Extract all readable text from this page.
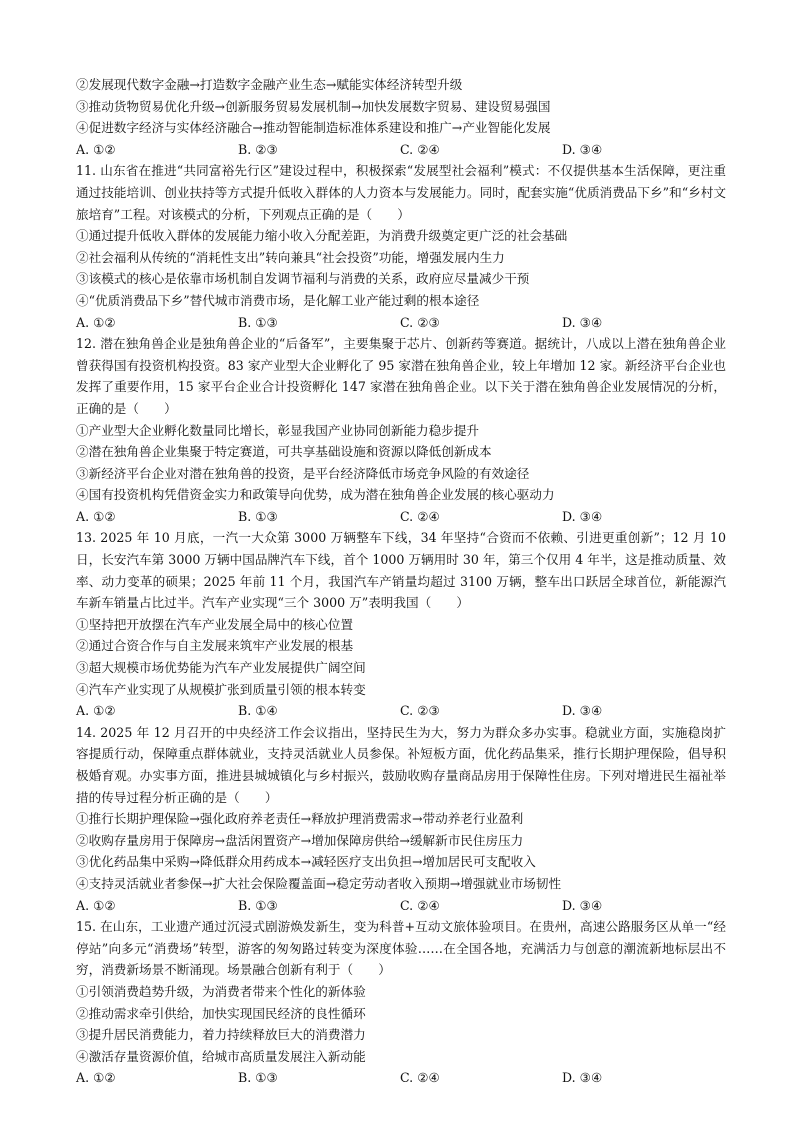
②发展现代数字金融→打造数字金融产业生态→赋能实体经济转型升级
③推动货物贸易优化升级→创新服务贸易发展机制→加快发展数字贸易、建设贸易强国
④促进数字经济与实体经济融合→推动智能制造标准体系建设和推广→产业智能化发展
A. ①②	B. ②③	C. ②④	D. ③④
11. 山东省在推进“共同富裕先行区”建设过程中，积极探索“发展型社会福利”模式：不仅提供基本生活保障，更注重通过技能培训、创业扶持等方式提升低收入群体的人力资本与发展能力。同时，配套实施“优质消费品下乡”和“乡村文旅培育”工程。对该模式的分析，下列观点正确的是（　　）
①通过提升低收入群体的发展能力缩小收入分配差距，为消费升级奠定更广泛的社会基础
②社会福利从传统的“消耗性支出”转向兼具“社会投资”功能，增强发展内生力
③该模式的核心是依靠市场机制自发调节福利与消费的关系，政府应尽量减少干预
④“优质消费品下乡”替代城市消费市场，是化解工业产能过剩的根本途径
A. ①②	B. ①③	C. ②③	D. ③④
12. 潜在独角兽企业是独角兽企业的“后备军”，主要集聚于芯片、创新药等赛道。据统计，八成以上潜在独角兽企业曾获得国有投资机构投资。83 家产业型大企业孵化了 95 家潜在独角兽企业，较上年增加 12 家。新经济平台企业也发挥了重要作用，15 家平台企业合计投资孵化 147 家潜在独角兽企业。以下关于潜在独角兽企业发展情况的分析，正确的是（　　）
①产业型大企业孵化数量同比增长，彰显我国产业协同创新能力稳步提升
②潜在独角兽企业集聚于特定赛道，可共享基础设施和资源以降低创新成本
③新经济平台企业对潜在独角兽的投资，是平台经济降低市场竞争风险的有效途径
④国有投资机构凭借资金实力和政策导向优势，成为潜在独角兽企业发展的核心驱动力
A. ①②	B. ①③	C. ②④	D. ③④
13. 2025 年 10 月底，一汽一大众第 3000 万辆整车下线，34 年坚持“合资而不依赖、引进更重创新”；12 月 10 日，长安汽车第 3000 万辆中国品牌汽车下线，首个 1000 万辆用时 30 年，第三个仅用 4 年半，这是推动质量、效率、动力变革的硕果；2025 年前 11 个月，我国汽车产销量均超过 3100 万辆，整车出口跃居全球首位，新能源汽车新车销量占比过半。汽车产业实现“三个 3000 万”表明我国（　　）
①坚持把开放摆在汽车产业发展全局中的核心位置
②通过合资合作与自主发展来筑牢产业发展的根基
③超大规模市场优势能为汽车产业发展提供广阔空间
④汽车产业实现了从规模扩张到质量引领的根本转变
A. ①②	B. ①④	C. ②③	D. ③④
14. 2025 年 12 月召开的中央经济工作会议指出，坚持民生为大，努力为群众多办实事。稳就业方面，实施稳岗扩容提质行动，保障重点群体就业，支持灵活就业人员参保。补短板方面，优化药品集采，推行长期护理保险，倡导积极婚育观。办实事方面，推进县城城镇化与乡村振兴，鼓励收购存量商品房用于保障性住房。下列对增进民生福祉举措的传导过程分析正确的是（　　）
①推行长期护理保险→强化政府养老责任→释放护理消费需求→带动养老行业盈利
②收购存量房用于保障房→盘活闲置资产→增加保障房供给→缓解新市民住房压力
③优化药品集中采购→降低群众用药成本→减轻医疗支出负担→增加居民可支配收入
④支持灵活就业者参保→扩大社会保险覆盖面→稳定劳动者收入预期→增强就业市场韧性
A. ①②	B. ①③	C. ②④	D. ③④
15. 在山东，工业遗产通过沉浸式剧游焕发新生，变为科普+互动文旅体验项目。在贵州，高速公路服务区从单一“经停站”向多元“消费场”转型，游客的匆匆路过转变为深度体验……在全国各地，充满活力与创意的潮流新地标层出不穷，消费新场景不断涌现。场景融合创新有利于（　　）
①引领消费趋势升级，为消费者带来个性化的新体验
②推动需求牵引供给，加快实现国民经济的良性循环
③提升居民消费能力，着力持续释放巨大的消费潜力
④激活存量资源价值，给城市高质量发展注入新动能
A. ①②	B. ①③	C. ②④	D. ③④
